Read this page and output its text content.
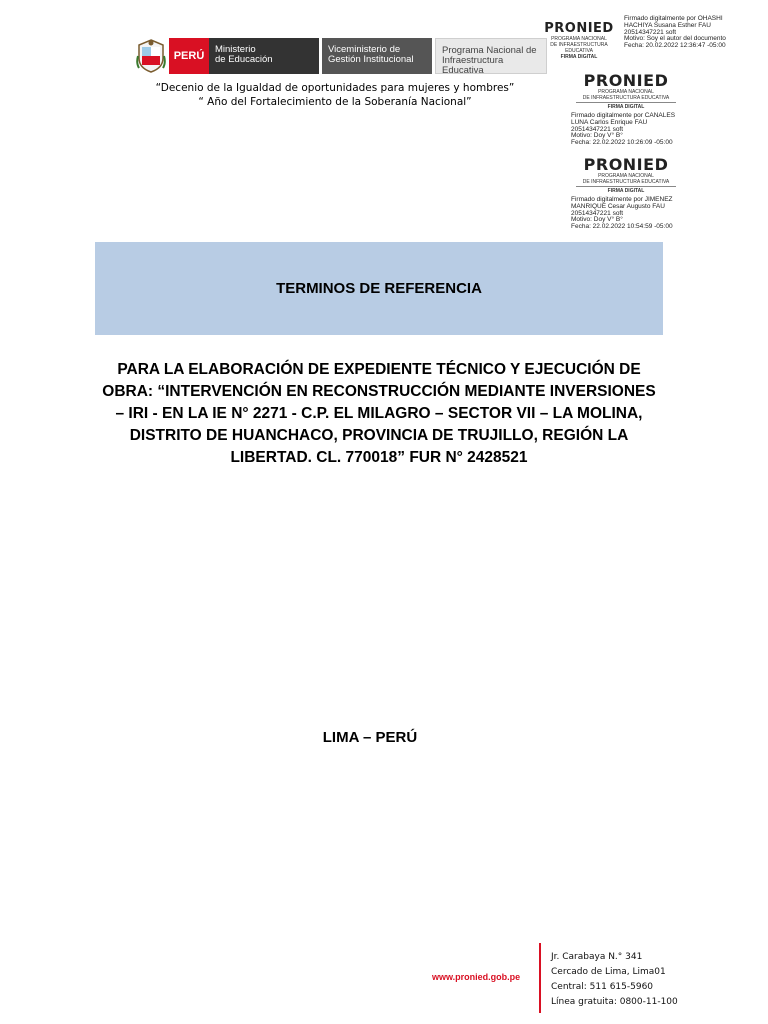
PERÚ
Ministerio
de Educación
Viceministerio de
Gestión Institucional
Programa Nacional de
Infraestructura Educativa
“Decenio de la Igualdad de oportunidades para mujeres y hombres”
“ Año del Fortalecimiento de la Soberanía Nacional”
PRONIED
PROGRAMA NACIONAL
DE INFRAESTRUCTURA EDUCATIVA
FIRMA DIGITAL
Firmado digitalmente por OHASHI
HACHIYA Susana Esther FAU
20514347221 soft
Motivo: Soy el autor del documento
Fecha: 20.02.2022 12:36:47 -05:00
PRONIED
PROGRAMA NACIONAL
DE INFRAESTRUCTURA EDUCATIVA
FIRMA DIGITAL
Firmado digitalmente por CANALES
LUNA Carlos Enrique FAU
20514347221 soft
Motivo: Doy V° B°
Fecha: 22.02.2022 10:26:09 -05:00
PRONIED
PROGRAMA NACIONAL
DE INFRAESTRUCTURA EDUCATIVA
FIRMA DIGITAL
Firmado digitalmente por JIMENEZ
MANRIQUE Cesar Augusto FAU
20514347221 soft
Motivo: Doy V° B°
Fecha: 22.02.2022 10:54:59 -05:00
TERMINOS DE REFERENCIA
PARA LA ELABORACIÓN DE EXPEDIENTE TÉCNICO Y EJECUCIÓN DE
OBRA: “INTERVENCIÓN EN RECONSTRUCCIÓN MEDIANTE INVERSIONES
– IRI - EN LA IE N° 2271 - C.P. EL MILAGRO – SECTOR VII – LA MOLINA,
DISTRITO DE HUANCHACO, PROVINCIA DE TRUJILLO, REGIÓN LA
LIBERTAD. CL. 770018” FUR N° 2428521
LIMA – PERÚ
www.pronied.gob.pe
Jr. Carabaya N.° 341
Cercado de Lima, Lima01
Central: 511 615-5960
Línea gratuita: 0800-11-100
